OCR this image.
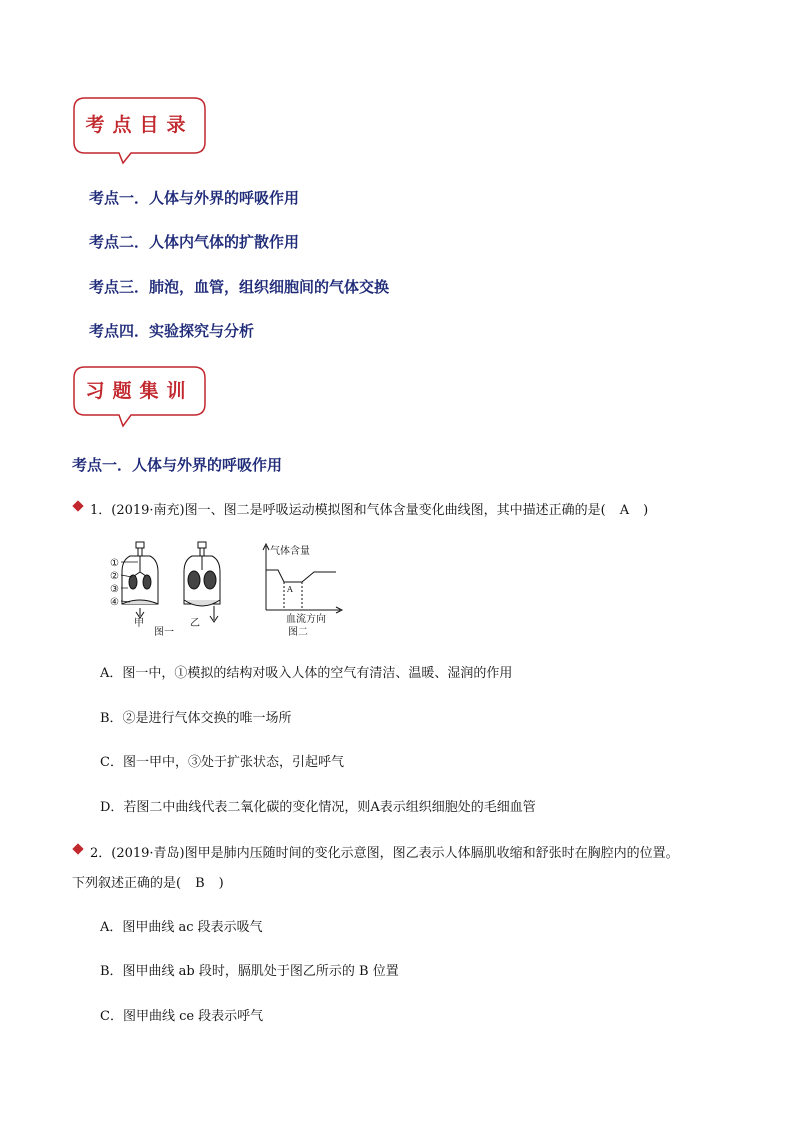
考点目录
考点一．人体与外界的呼吸作用
考点二．人体内气体的扩散作用
考点三．肺泡，血管，组织细胞间的气体交换
考点四．实验探究与分析
习题集训
考点一．人体与外界的呼吸作用
1．(2019·南充)图一、图二是呼吸运动模拟图和气体含量变化曲线图，其中描述正确的是( A )
①
②
③
④
甲
图一
乙
气体含量
A
血流方向
图二
A．图一中，①模拟的结构对吸入人体的空气有清洁、温暖、湿润的作用
B．②是进行气体交换的唯一场所
C．图一甲中，③处于扩张状态，引起呼气
D．若图二中曲线代表二氧化碳的变化情况，则A表示组织细胞处的毛细血管
2．(2019·青岛)图甲是肺内压随时间的变化示意图，图乙表示人体膈肌收缩和舒张时在胸腔内的位置。
下列叙述正确的是( B )
A．图甲曲线 ac 段表示吸气
B．图甲曲线 ab 段时，膈肌处于图乙所示的 B 位置
C．图甲曲线 ce 段表示呼气
